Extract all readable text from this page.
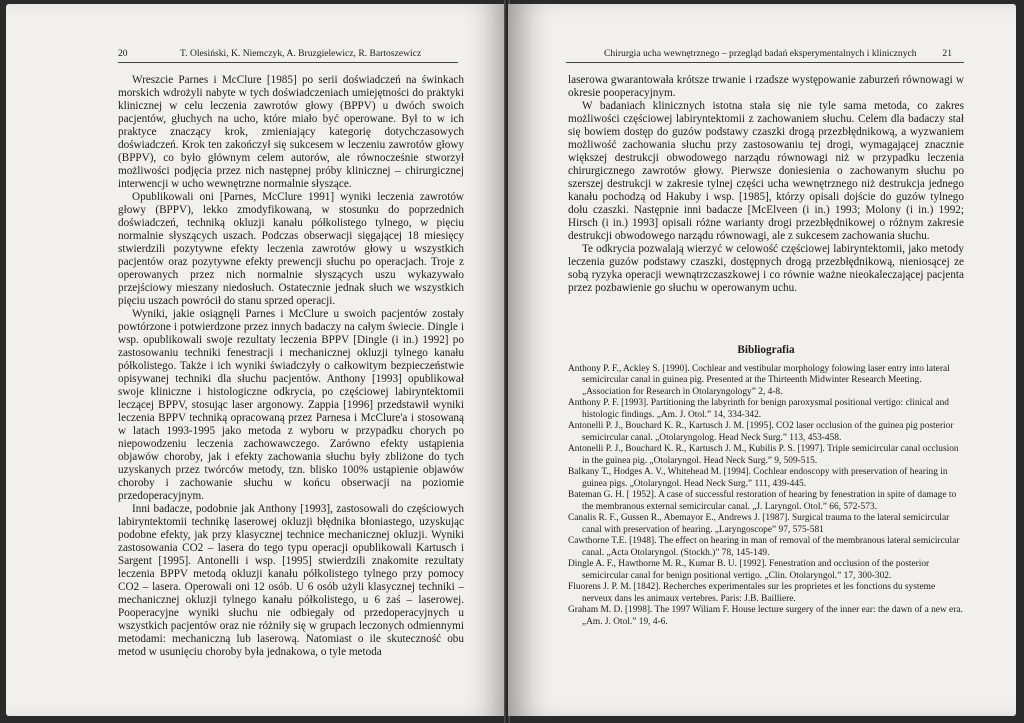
20	T. Olesiński, K. Niemczyk, A. Bruzgielewicz, R. Bartoszewicz

Wreszcie Parnes i McClure [1985] po serii doświadczeń na świnkach morskich wdrożyli nabyte w tych doświadczeniach umiejętności do praktyki klinicznej w celu leczenia zawrotów głowy (BPPV) u dwóch swoich pacjentów, głuchych na ucho, które miało być operowane. Był to w ich praktyce znaczący krok, zmieniający kategorię dotychczasowych doświadczeń. Krok ten zakończył się sukcesem w leczeniu zawrotów głowy (BPPV), co było głównym celem autorów, ale równocześnie stworzył możliwości podjęcia przez nich następnej próby klinicznej – chirurgicznej interwencji w ucho wewnętrzne normalnie słyszące.

Opublikowali oni [Parnes, McClure 1991] wyniki leczenia zawrotów głowy (BPPV), lekko zmodyfikowaną, w stosunku do poprzednich doświadczeń, techniką okluzji kanału półkolistego tylnego, w pięciu normalnie słyszących uszach. Podczas obserwacji sięgającej 18 miesięcy stwierdzili pozytywne efekty leczenia zawrotów głowy u wszystkich pacjentów oraz pozytywne efekty prewencji słuchu po operacjach. Troje z operowanych przez nich normalnie słyszących uszu wykazywało przejściowy mieszany niedosłuch. Ostatecznie jednak słuch we wszystkich pięciu uszach powrócił do stanu sprzed operacji.

Wyniki, jakie osiągnęli Parnes i McClure u swoich pacjentów zostały powtórzone i potwierdzone przez innych badaczy na całym świecie. Dingle i wsp. opublikowali swoje rezultaty leczenia BPPV [Dingle (i in.) 1992] po zastosowaniu techniki fenestracji i mechanicznej okluzji tylnego kanału półkolistego. Także i ich wyniki świadczyły o całkowitym bezpieczeństwie opisywanej techniki dla słuchu pacjentów. Anthony [1993] opublikował swoje kliniczne i histologiczne odkrycia, po częściowej labiryntektomii leczącej BPPV, stosując laser argonowy. Zappia [1996] przedstawił wyniki leczenia BPPV techniką opracowaną przez Parnesa i McClure'a i stosowaną w latach 1993-1995 jako metoda z wyboru w przypadku chorych po niepowodzeniu leczenia zachowawczego. Zarówno efekty ustąpienia objawów choroby, jak i efekty zachowania słuchu były zbliżone do tych uzyskanych przez twórców metody, tzn. blisko 100% ustąpienie objawów choroby i zachowanie słuchu w końcu obserwacji na poziomie przedoperacyjnym.

Inni badacze, podobnie jak Anthony [1993], zastosowali do częściowych labiryntektomii technikę laserowej okluzji błędnika błoniastego, uzyskując podobne efekty, jak przy klasycznej technice mechanicznej okluzji. Wyniki zastosowania CO2 – lasera do tego typu operacji opublikowali Kartusch i Sargent [1995]. Antonelli i wsp. [1995] stwierdzili znakomite rezultaty leczenia BPPV metodą okluzji kanału półkolistego tylnego przy pomocy CO2 – lasera. Operowali oni 12 osób. U 6 osób użyli klasycznej techniki – mechanicznej okluzji tylnego kanału półkolistego, u 6 zaś – laserowej. Pooperacyjne wyniki słuchu nie odbiegały od przedoperacyjnych u wszystkich pacjentów oraz nie różniły się w grupach leczonych odmiennymi metodami: mechaniczną lub laserową. Natomiast o ile skuteczność obu metod w usunięciu choroby była jednakowa, o tyle metoda

Chirurgia ucha wewnętrznego – przegląd badań eksperymentalnych i klinicznych	21

laserowa gwarantowała krótsze trwanie i rzadsze występowanie zaburzeń równowagi w okresie pooperacyjnym.

W badaniach klinicznych istotna stała się nie tyle sama metoda, co zakres możliwości częściowej labiryntektomii z zachowaniem słuchu. Celem dla badaczy stał się bowiem dostęp do guzów podstawy czaszki drogą przezbłędnikową, a wyzwaniem możliwość zachowania słuchu przy zastosowaniu tej drogi, wymagającej znacznie większej destrukcji obwodowego narządu równowagi niż w przypadku leczenia chirurgicznego zawrotów głowy. Pierwsze doniesienia o zachowanym słuchu po szerszej destrukcji w zakresie tylnej części ucha wewnętrznego niż destrukcja jednego kanału pochodzą od Hakuby i wsp. [1985], którzy opisali dojście do guzów tylnego dołu czaszki. Następnie inni badacze [McElveen (i in.) 1993; Molony (i in.) 1992; Hirsch (i in.) 1993] opisali różne warianty drogi przezbłędnikowej o różnym zakresie destrukcji obwodowego narządu równowagi, ale z sukcesem zachowania słuchu.

Te odkrycia pozwalają wierzyć w celowość częściowej labiryntektomii, jako metody leczenia guzów podstawy czaszki, dostępnych drogą przezbłędnikową, nieniosącej ze sobą ryzyka operacji wewnątrzczaszkowej i co równie ważne nieokaleczającej pacjenta przez pozbawienie go słuchu w operowanym uchu.

Bibliografia

Anthony P. F., Ackley S. [1990]. Cochlear and vestibular morphology folowing laser entry into lateral semicircular canal in guinea pig. Presented at the Thirteenth Midwinter Research Meeting. „Association for Research in Otolaryngology” 2, 4-8.

Anthony P. F. [1993]. Partitioning the labyrinth for benign paroxysmal positional vertigo: clinical and histologic findings. „Am. J. Otol.” 14, 334-342.

Antonelli P. J., Bouchard K. R., Kartusch J. M. [1995]. CO2 laser occlusion of the guinea pig posterior semicircular canal. „Otolaryngolog. Head Neck Surg.” 113, 453-458.

Antonelli P. J., Bouchard K. R., Kartusch J. M., Kubilis P. S. [1997]. Triple semicircular canal occlusion in the guinea pig. „Otolaryngol. Head Neck Surg.” 9, 509-515.

Balkany T., Hodges A. V., Whitehead M. [1994]. Cochlear endoscopy with preservation of hearing in guinea pigs. „Otolaryngol. Head Neck Surg.” 111, 439-445.

Bateman G. H. [ 1952]. A case of successful restoration of hearing by fenestration in spite of damage to the membranous external semicircular canal. „J. Laryngol. Otol.” 66, 572-573.

Canalis R. F., Gussen R., Abemayor E., Andrews J. [1987]. Surgical trauma to the lateral semicircular canal with preservation of hearing. „Laryngoscope” 97, 575-581

Cawthorne T.E. [1948]. The effect on hearing in man of removal of the membranous lateral semicircular canal. „Acta Otolaryngol. (Stockh.)” 78, 145-149.

Dingle A. F., Hawthorne M. R., Kumar B. U. [1992]. Fenestration and occlusion of the posterior semicircular canal for benign positional vertigo. „Clin. Otolaryngol.” 17, 300-302.

Fluorens J. P. M. [1842]. Recherches experimentales sur les proprietes et les fonctions du systeme nerveux dans les animaux vertebres. Paris: J.B. Bailliere.

Graham M. D. [1998]. The 1997 Wiliam F. House lecture surgery of the inner ear: the dawn of a new era. „Am. J. Otol.” 19, 4-6.
